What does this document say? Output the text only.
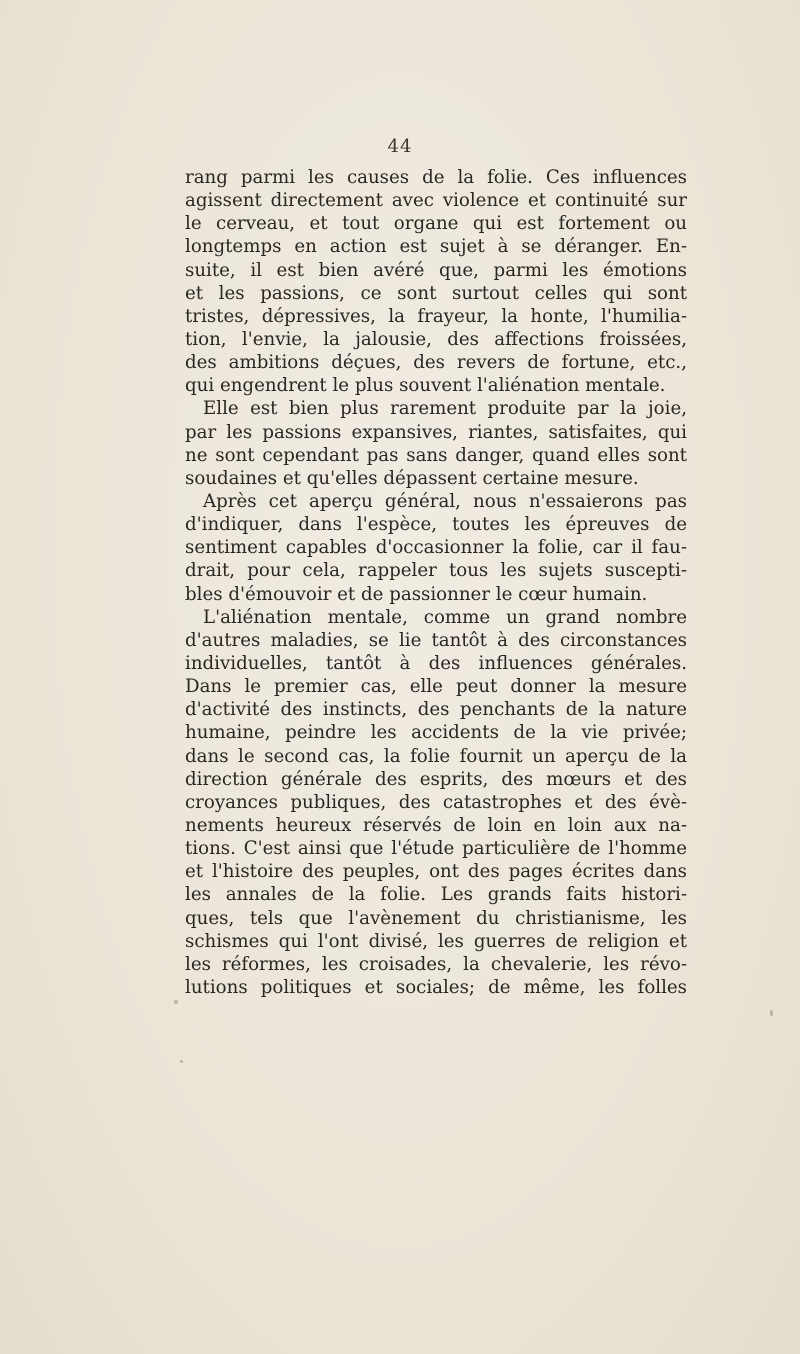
44
rang parmi les causes de la folie. Ces influences
agissent directement avec violence et continuité sur
le cerveau, et tout organe qui est fortement ou
longtemps en action est sujet à se déranger. En-
suite, il est bien avéré que, parmi les émotions
et les passions, ce sont surtout celles qui sont
tristes, dépressives, la frayeur, la honte, l'humilia-
tion, l'envie, la jalousie, des affections froissées,
des ambitions déçues, des revers de fortune, etc.,
qui engendrent le plus souvent l'aliénation mentale.
Elle est bien plus rarement produite par la joie,
par les passions expansives, riantes, satisfaites, qui
ne sont cependant pas sans danger, quand elles sont
soudaines et qu'elles dépassent certaine mesure.
Après cet aperçu général, nous n'essaierons pas
d'indiquer, dans l'espèce, toutes les épreuves de
sentiment capables d'occasionner la folie, car il fau-
drait, pour cela, rappeler tous les sujets suscepti-
bles d'émouvoir et de passionner le cœur humain.
L'aliénation mentale, comme un grand nombre
d'autres maladies, se lie tantôt à des circonstances
individuelles, tantôt à des influences générales.
Dans le premier cas, elle peut donner la mesure
d'activité des instincts, des penchants de la nature
humaine, peindre les accidents de la vie privée;
dans le second cas, la folie fournit un aperçu de la
direction générale des esprits, des mœurs et des
croyances publiques, des catastrophes et des évè-
nements heureux réservés de loin en loin aux na-
tions. C'est ainsi que l'étude particulière de l'homme
et l'histoire des peuples, ont des pages écrites dans
les annales de la folie. Les grands faits histori-
ques, tels que l'avènement du christianisme, les
schismes qui l'ont divisé, les guerres de religion et
les réformes, les croisades, la chevalerie, les révo-
lutions politiques et sociales; de même, les folles
